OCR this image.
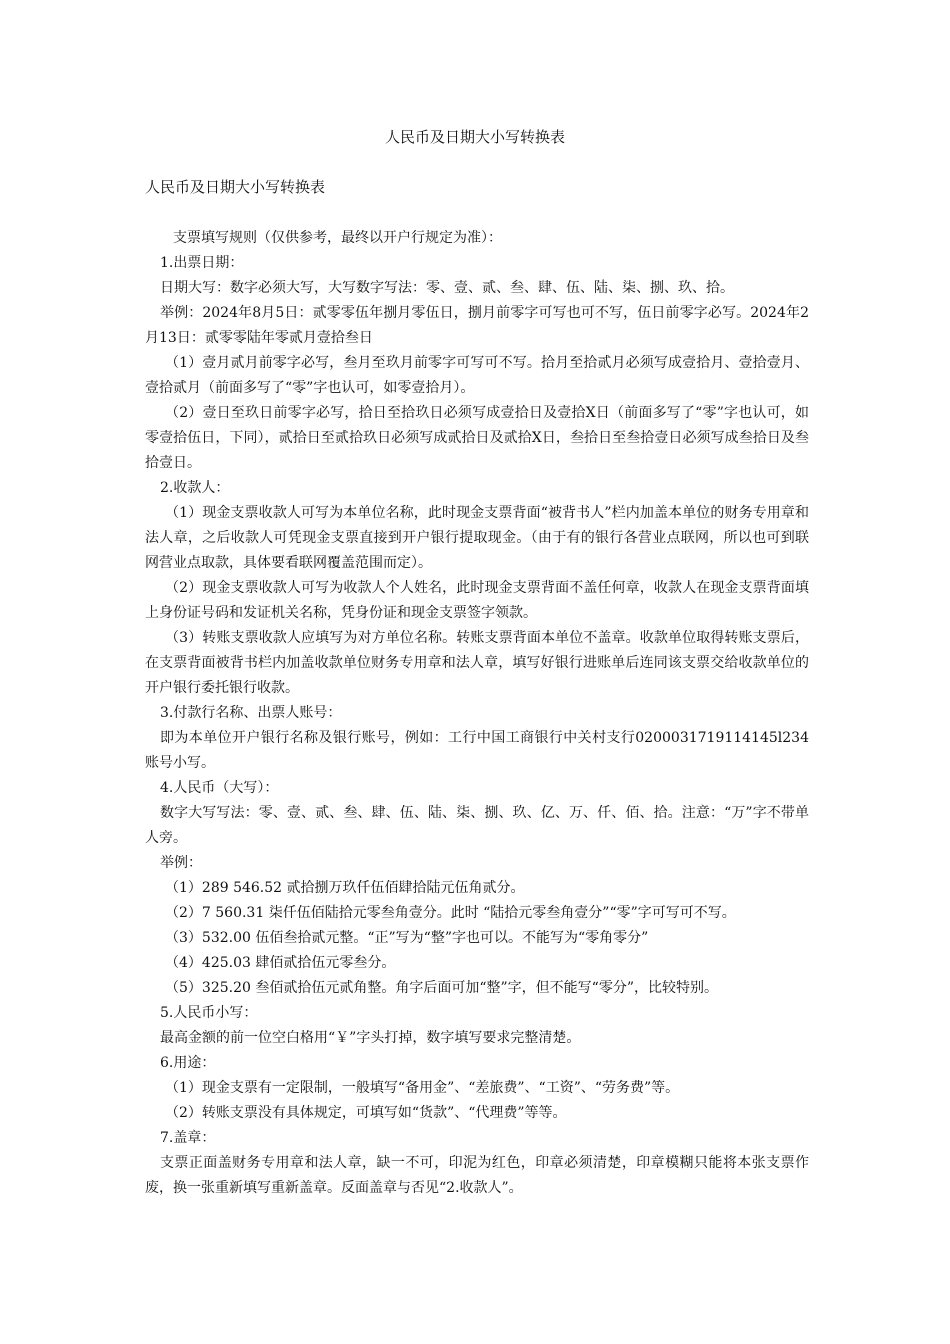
人民币及日期大小写转换表
人民币及日期大小写转换表

支票填写规则（仅供参考，最终以开户行规定为准）：

1.出票日期：

日期大写：数字必须大写，大写数字写法：零、壹、贰、叁、肆、伍、陆、柒、捌、玖、拾。

举例：2024年8月5日：贰零零伍年捌月零伍日，捌月前零字可写也可不写，伍日前零字必写。2024年2月13日：贰零零陆年零贰月壹拾叁日

（1）壹月贰月前零字必写，叁月至玖月前零字可写可不写。拾月至拾贰月必须写成壹拾月、壹拾壹月、壹拾贰月（前面多写了“零”字也认可，如零壹拾月）。

（2）壹日至玖日前零字必写，拾日至拾玖日必须写成壹拾日及壹拾X日（前面多写了“零”字也认可，如零壹拾伍日，下同），贰拾日至贰拾玖日必须写成贰拾日及贰拾X日，叁拾日至叁拾壹日必须写成叁拾日及叁拾壹日。

2.收款人：

（1）现金支票收款人可写为本单位名称，此时现金支票背面“被背书人”栏内加盖本单位的财务专用章和法人章，之后收款人可凭现金支票直接到开户银行提取现金。（由于有的银行各营业点联网，所以也可到联网营业点取款，具体要看联网覆盖范围而定）。

（2）现金支票收款人可写为收款人个人姓名，此时现金支票背面不盖任何章，收款人在现金支票背面填上身份证号码和发证机关名称，凭身份证和现金支票签字领款。

（3）转账支票收款人应填写为对方单位名称。转账支票背面本单位不盖章。收款单位取得转账支票后，在支票背面被背书栏内加盖收款单位财务专用章和法人章，填写好银行进账单后连同该支票交给收款单位的开户银行委托银行收款。

3.付款行名称、出票人账号：

即为本单位开户银行名称及银行账号，例如：工行中国工商银行中关村支行0200031719114145l234账号小写。

4.人民币（大写）：

数字大写写法：零、壹、贰、叁、肆、伍、陆、柒、捌、玖、亿、万、仟、佰、拾。注意：“万”字不带单人旁。

举例：

（1）289 546.52 贰拾捌万玖仟伍佰肆拾陆元伍角贰分。

（2）7 560.31 柒仟伍佰陆拾元零叁角壹分。此时 “陆拾元零叁角壹分”“零”字可写可不写。

（3）532.00 伍佰叁拾贰元整。“正”写为“整”字也可以。不能写为“零角零分”

（4）425.03 肆佰贰拾伍元零叁分。

（5）325.20 叁佰贰拾伍元贰角整。角字后面可加“整”字，但不能写“零分”，比较特别。

5.人民币小写：

最高金额的前一位空白格用“￥”字头打掉，数字填写要求完整清楚。

6.用途：

（1）现金支票有一定限制，一般填写“备用金”、“差旅费”、“工资”、“劳务费”等。

（2）转账支票没有具体规定，可填写如“货款”、“代理费”等等。

7.盖章：

支票正面盖财务专用章和法人章，缺一不可，印泥为红色，印章必须清楚，印章模糊只能将本张支票作废，换一张重新填写重新盖章。反面盖章与否见“2.收款人”。
